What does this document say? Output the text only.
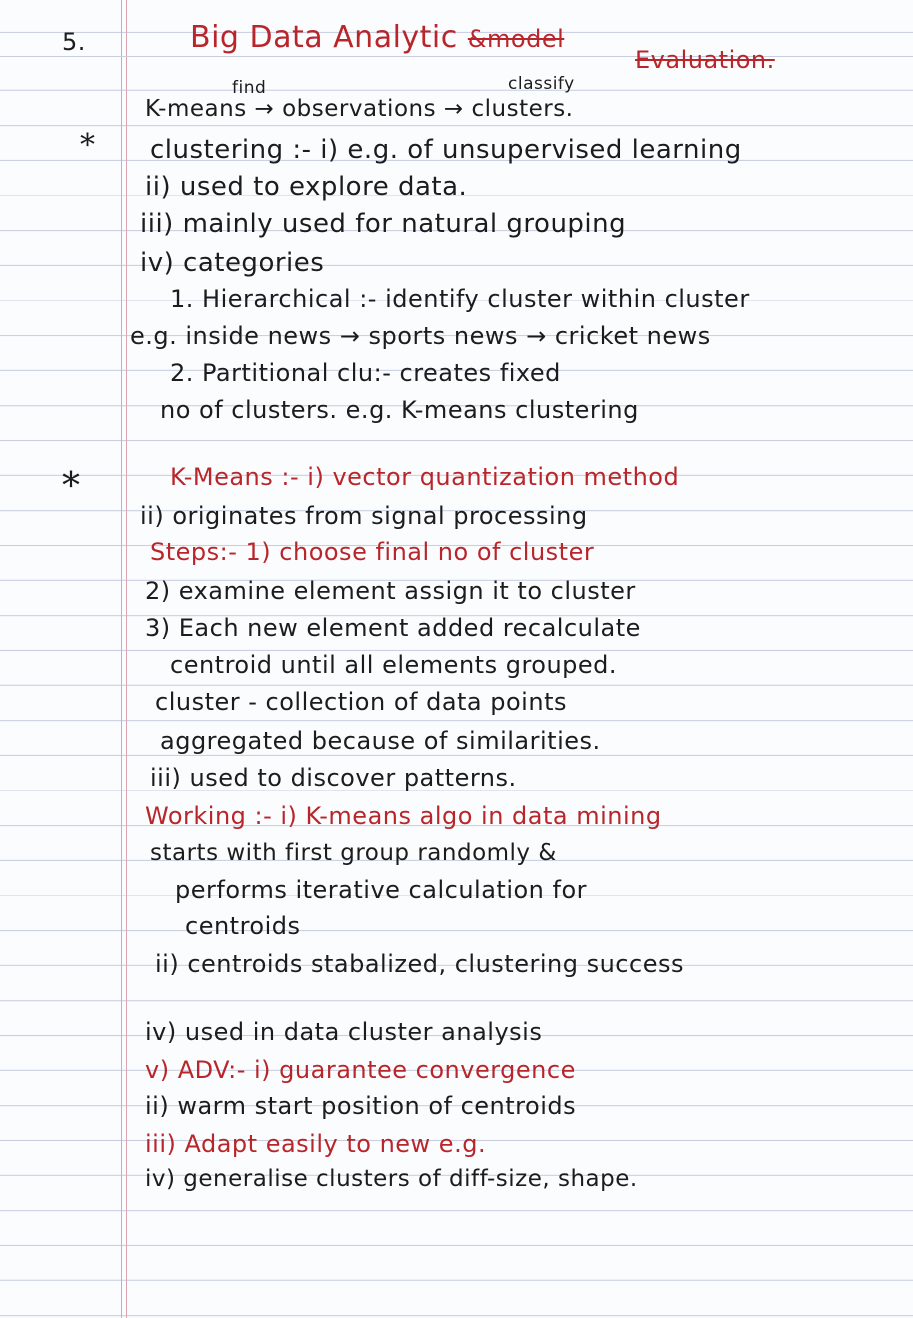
5.	Big Data Analytic &model
Evaluation.
find	classify
*
*
K-means → observations → clusters.
clustering :- i) e.g. of unsupervised learning
ii) used to explore data.
iii) mainly used for natural grouping
iv) categories
1. Hierarchical :- identify cluster within cluster
e.g. inside news → sports news → cricket news
2. Partitional clu:- creates fixed
no of clusters. e.g. K-means clustering
K-Means :- i) vector quantization method
ii) originates from signal processing
Steps:- 1) choose final no of cluster
2) examine element assign it to cluster
3) Each new element added recalculate
centroid until all elements grouped.
cluster - collection of data points
aggregated because of similarities.
iii) used to discover patterns.
Working :- i) K-means algo in data mining
starts with first group randomly &
performs iterative calculation for
centroids
ii) centroids stabalized, clustering success
iv) used in data cluster analysis
v) ADV:- i) guarantee convergence
ii) warm start position of centroids
iii) Adapt easily to new e.g.
iv) generalise clusters of diff-size, shape.
